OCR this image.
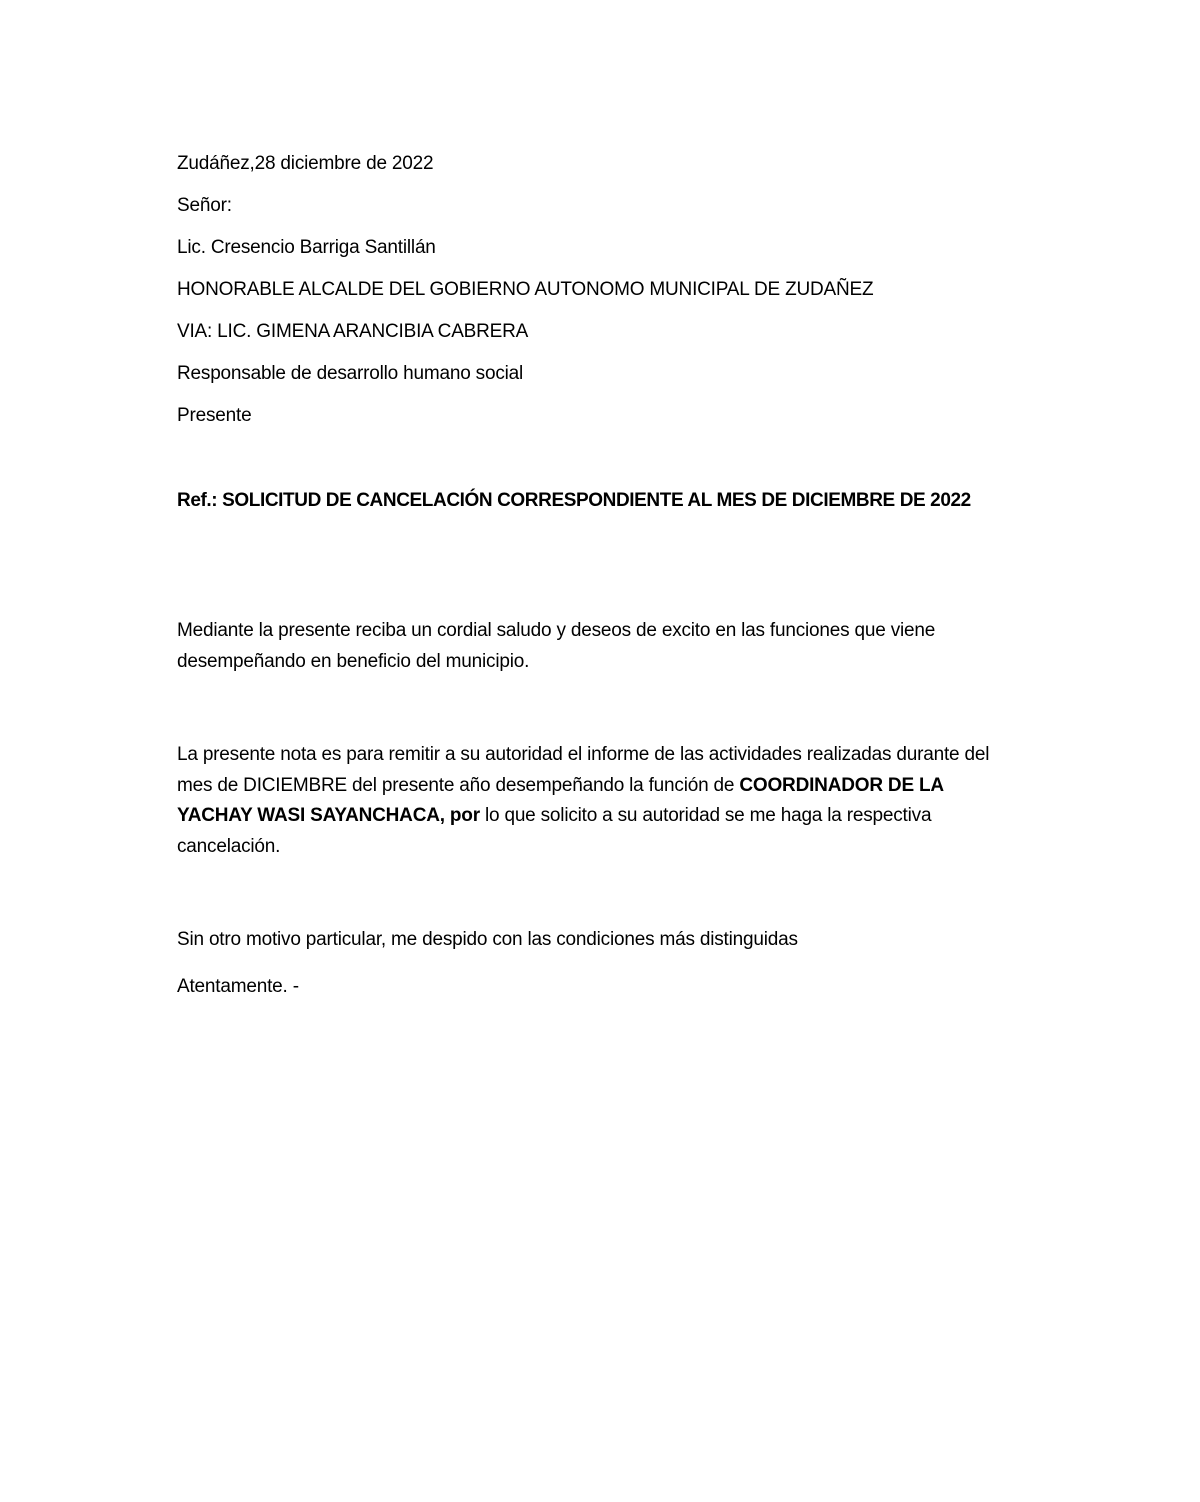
Zudáñez,28 diciembre de 2022
Señor:
Lic. Cresencio Barriga Santillán
HONORABLE ALCALDE DEL GOBIERNO AUTONOMO MUNICIPAL DE ZUDAÑEZ
VIA: LIC. GIMENA ARANCIBIA CABRERA
Responsable de desarrollo humano social
Presente
Ref.: SOLICITUD DE CANCELACIÓN CORRESPONDIENTE AL MES DE DICIEMBRE DE 2022
Mediante la presente reciba un cordial saludo y deseos de excito en las funciones que viene desempeñando en beneficio del municipio.
La presente nota es para remitir a su autoridad el informe de las actividades realizadas durante del mes de DICIEMBRE del presente año desempeñando la función de COORDINADOR DE LA YACHAY WASI SAYANCHACA, por lo que solicito a su autoridad se me haga la respectiva cancelación.
Sin otro motivo particular, me despido con las condiciones más distinguidas
Atentamente. -
